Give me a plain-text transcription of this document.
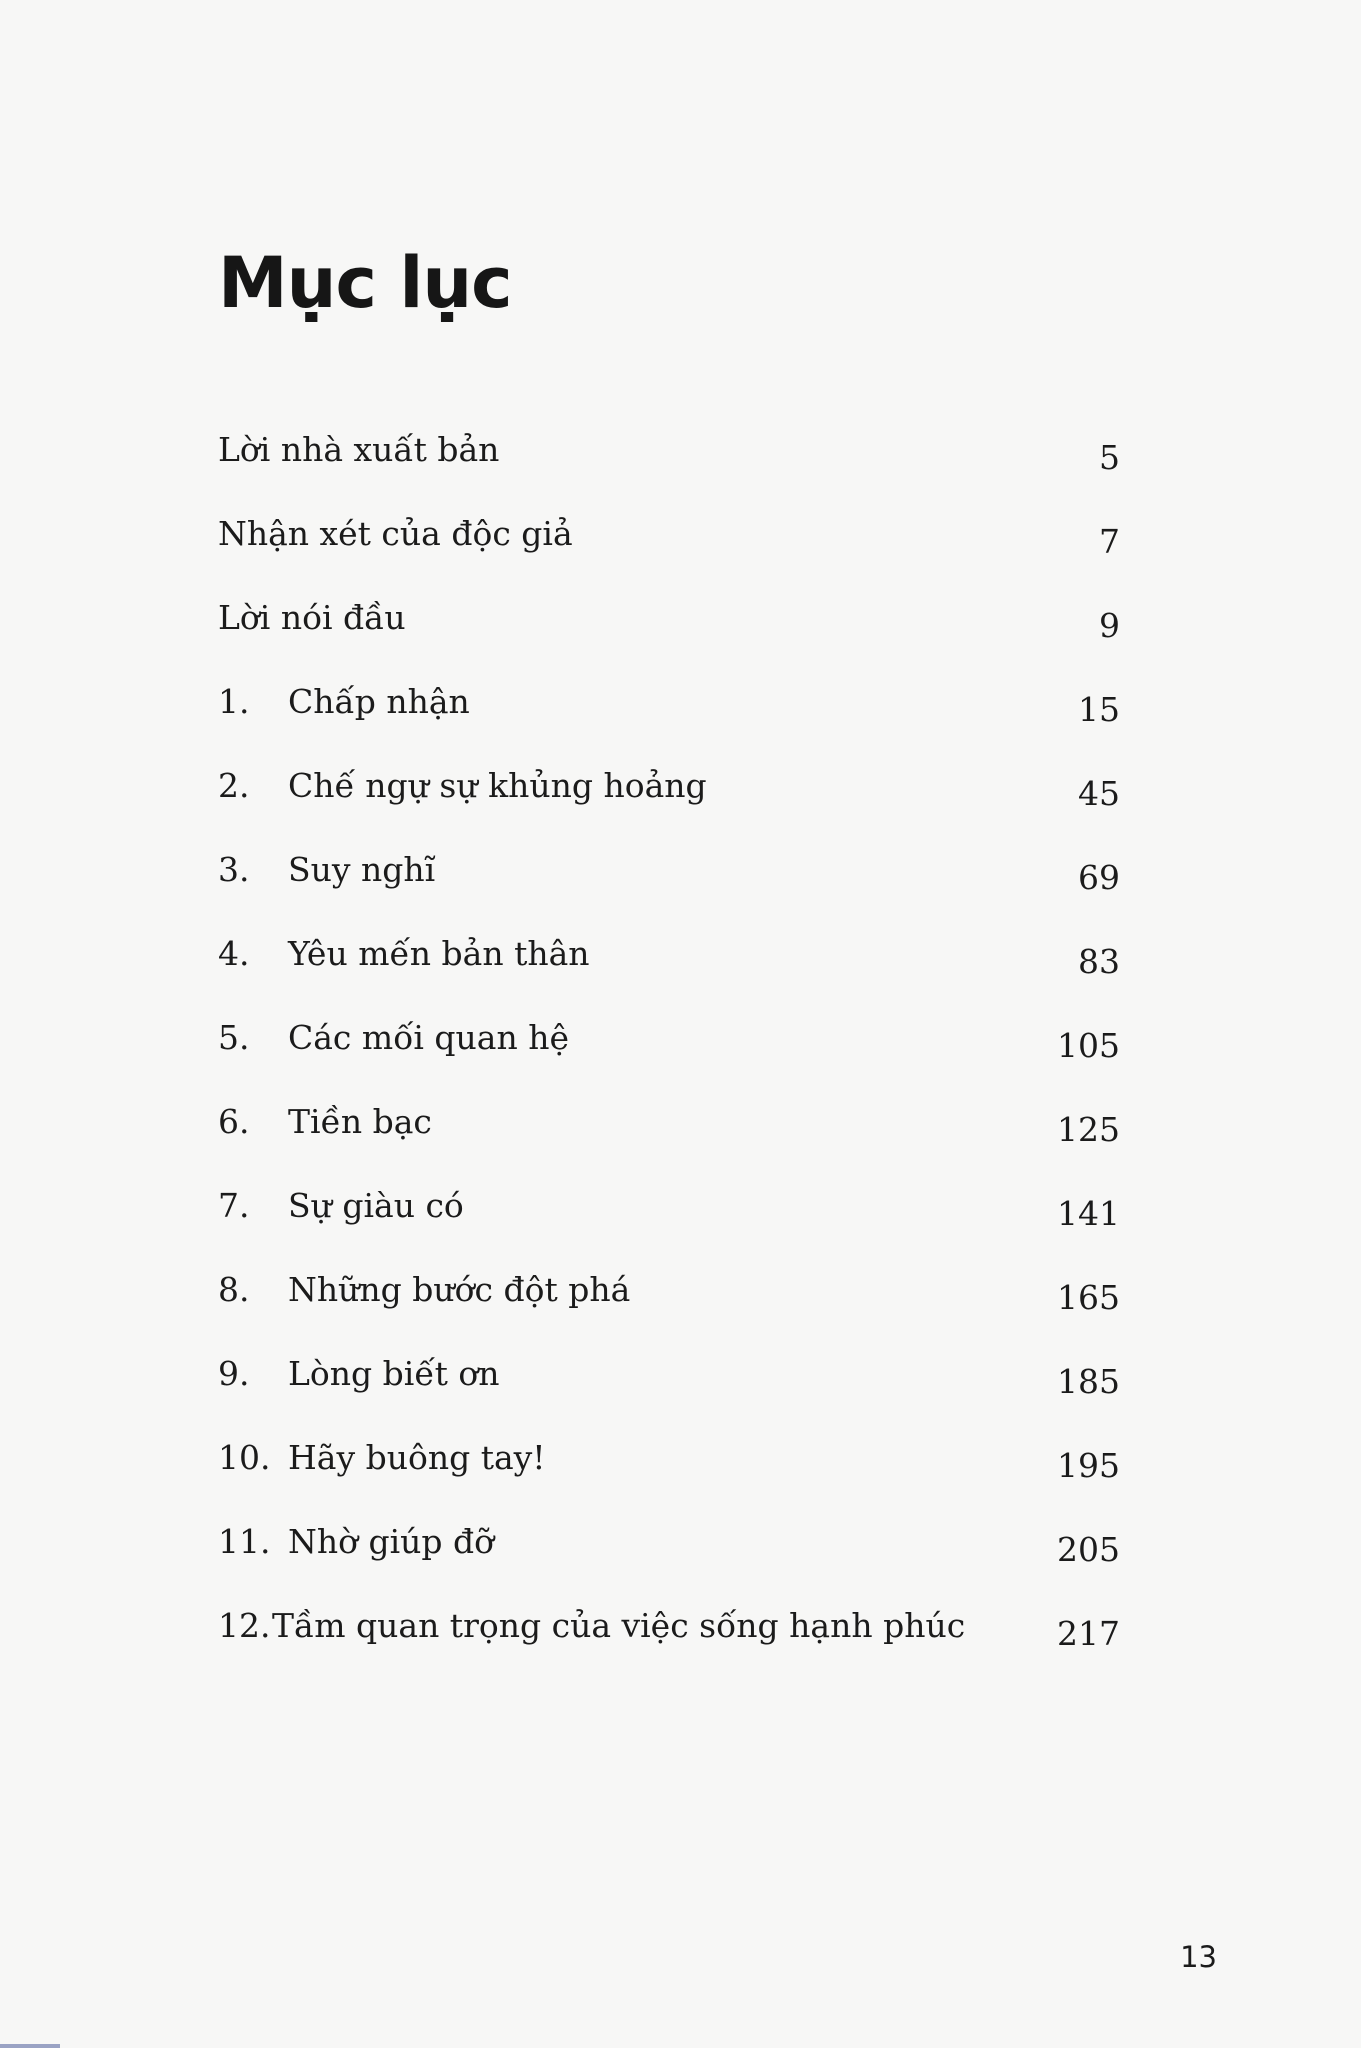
Mục lục
Lời nhà xuất bản	5
Nhận xét của độc giả	7
Lời nói đầu	9
1. Chấp nhận	15
2. Chế ngự sự khủng hoảng	45
3. Suy nghĩ	69
4. Yêu mến bản thân	83
5. Các mối quan hệ	105
6. Tiền bạc	125
7. Sự giàu có	141
8. Những bước đột phá	165
9. Lòng biết ơn	185
10. Hãy buông tay!	195
11. Nhờ giúp đỡ	205
12. Tầm quan trọng của việc sống hạnh phúc	217
13
